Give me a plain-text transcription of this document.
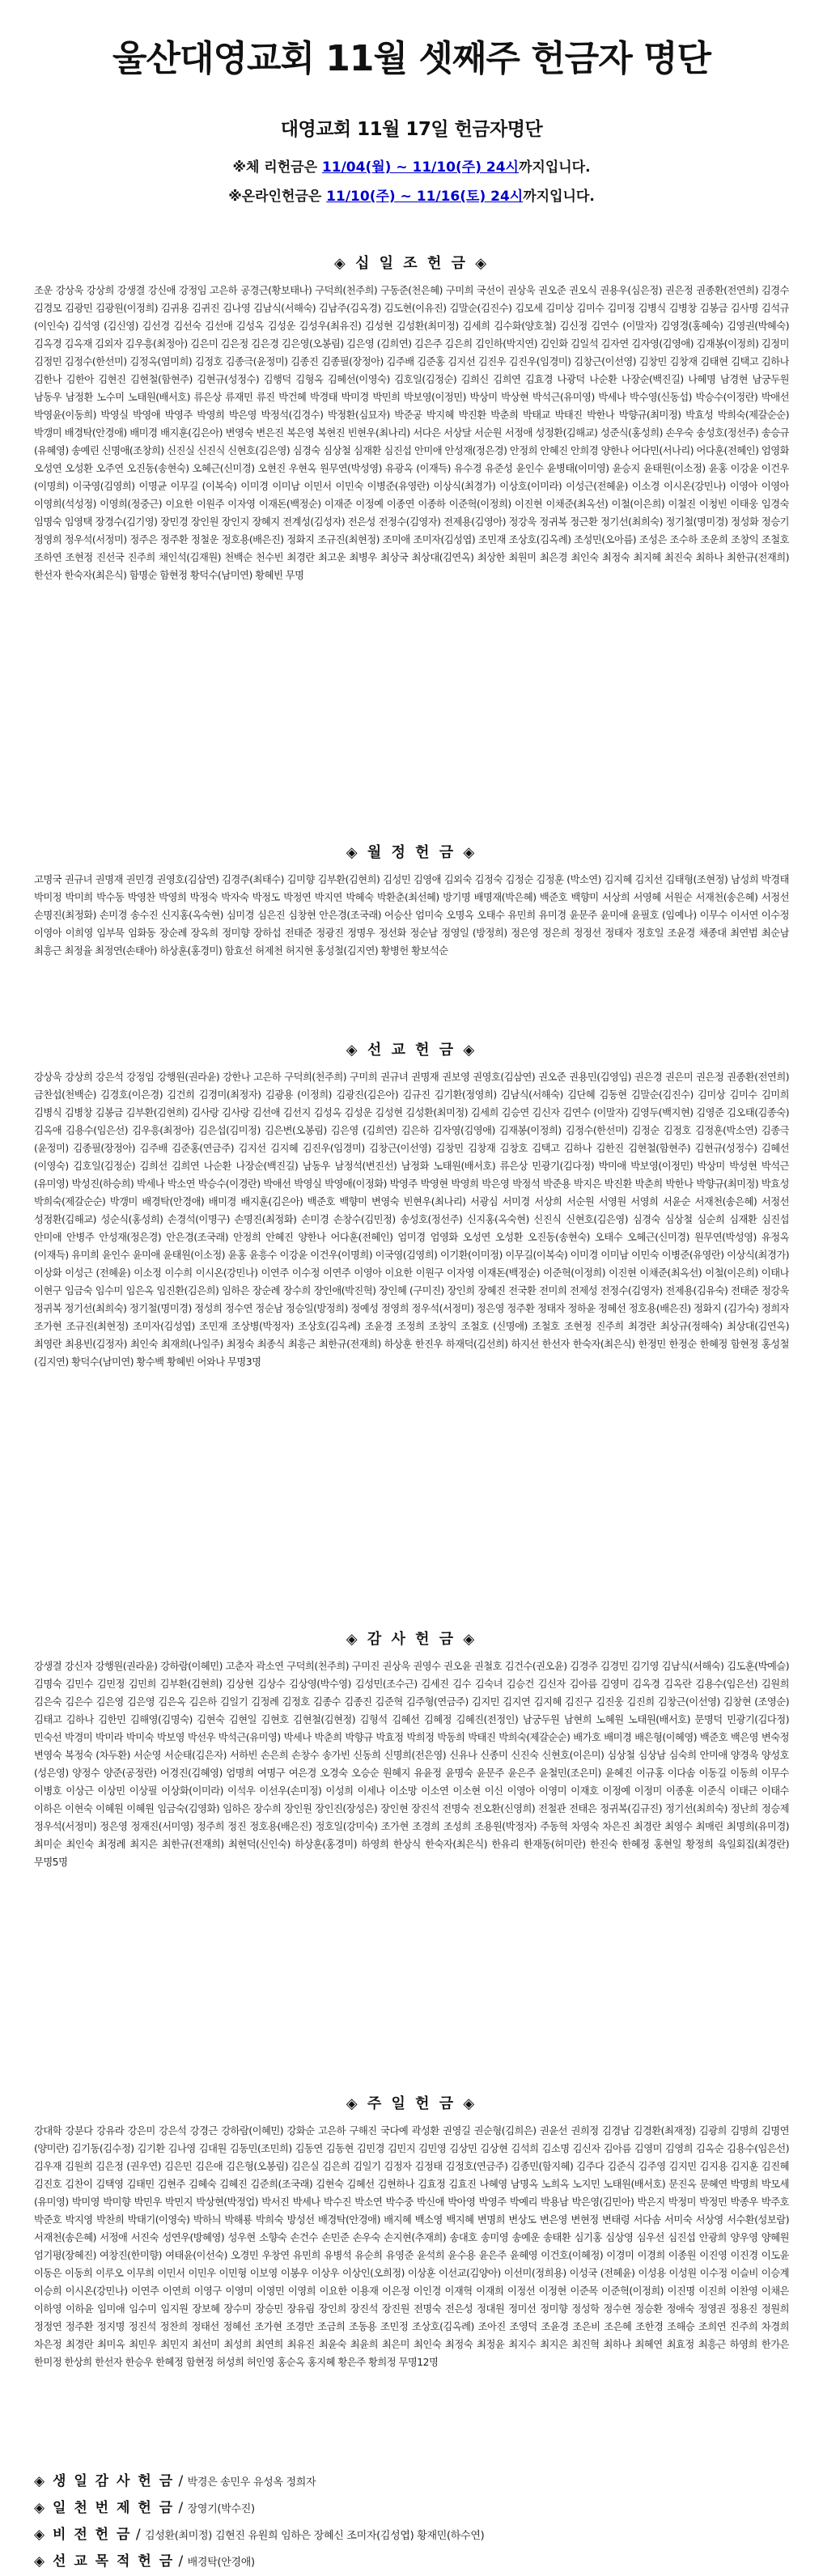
울산대영교회 11월 셋째주 헌금자 명단
대영교회 11월 17일 헌금자명단
※체 리헌금은 11/04(월) ~ 11/10(주) 24시까지입니다.
※온라인헌금은 11/10(주) ~ 11/16(토) 24시까지입니다.
◈ 십 일 조 헌 금 ◈
조운 강상욱 강상희 강생결 강신애 강정임 고은하 공경근(황보태나) 구덕희(천주희) 구동준(천은혜) 구미희 국선이 권상욱 권오준 권오식 권용우(심은정) 권은정 권종환(전연희) 김경수 김경모 김광민 김광원(이정희) 김귀용 김귀진 김나영 김남식(서해숙) 김남주(김옥경) 김도현(이유진) 김말순(김진수) 김모세 김미상 김미수 김미정 김병식 김병창 김봉금 김사명 김석규(이인숙) 김석영 (김신영) 김선경 김선숙 김선애 김성옥 김성운 김성우(최유진) 김성현 김성환(최미정) 김세희 김수화(양호철) 김신정 김연수 (이말자) 김영경(홍혜숙) 김영권(박혜숙) 김옥경 김옥재 김외자 김우흥(최정아) 김은미 김은정 김은경 김은영(오봉림) 김은영 (김희연) 김은주 김은희 김인하(박지연) 김인화 김일석 김자연 김자영(김영애) 김재봉(이정희) 김정미 김정민 김정수(한선미) 김정옥(염미희) 김정호 김종극(윤정미) 김종진 김종필(장정아) 김주배 김준홍 김지선 김진우 김진우(임경미) 김창근(이선영) 김창민 김창재 김태현 김택고 김하나 김한나 김한아 김현진 김현철(함현주) 김현규(성정수) 김행덕 김형옥 김혜선(이영숙) 김호일(김정순) 김희신 김희연 김효경 나광덕 나순환 나장순(백진길) 나혜명 남경현 남궁두원 남동우 남정환 노수미 노태원(배서호) 류은상 류재민 류진 박건혜 박경태 박미경 박민희 박보영(이정민) 박상미 박상현 박석근(유미영) 박세나 박수영(신동섭) 박승수(이정란) 박애선 박영윤(이동희) 박영실 박영애 박영주 박영희 박은영 박정석(김경수) 박정환(심묘자) 박준공 박지혜 박진환 박춘희 박태교 박태진 박한나 박향규(최미정) 박효성 박희숙(제갈순순) 박갱미 배경탁(안경애) 배미경 배지훈(김은아) 변영숙 변은진 복은영 복현진 빈현우(최나리) 서다은 서상달 서순원 서정애 성정환(김해교) 성준식(홍성희) 손우숙 송성호(정선주) 송승규(유혜영) 송예린 신명애(조창희) 신진실 신진식 신현호(김은영) 심경숙 심상철 심재환 심진섭 안미애 안성재(정은경) 안정희 안혜진 안희경 양한나 어다민(서나리) 어다훈(전혜인) 엄영화 오성연 오성환 오주연 오진동(송현숙) 오혜근(신미경) 오현진 우현옥 원무연(박성영) 유광옥 (이재득) 유수경 유준성 윤인수 윤병태(이미영) 윤승지 윤태원(이소정) 윤홍 이강윤 이건우(이명희) 이국영(김영희) 이명균 이무길 (이복숙) 이미경 이미남 이민서 이민숙 이병준(유영란) 이상식(최경가) 이상호(이미라) 이성근(전혜윤) 이소경 이시온(강민나) 이영아 이영아 이영희(석성정) 이영희(정중근) 이요한 이원주 이자영 이재돈(백정순) 이재준 이정예 이종연 이종하 이준혁(이정희) 이진현 이채준(최옥선) 이철(이은희) 이철진 이청빈 이태웅 임경숙 임명숙 임영택 장경수(김기영) 장민경 장인원 장인지 장혜지 전계성(김성자) 전은성 전정수(김영자) 전제용(김영아) 정강욱 정귀복 정근환 정기선(최희숙) 정기철(명미경) 정성화 정승기 정영희 정우석(서정미) 정주은 정주환 정철운 정호용(배은진) 정화지 조규진(최현정) 조미애 조미자(김성엽) 조민재 조상호(김옥례) 조성민(오아름) 조성은 조수하 조운희 조창익 조철호 조하연 조현정 진선국 진주희 채인석(김재원) 천백순 천수빈 최경란 최고운 최병우 최상국 최상대(김연옥) 최상한 최원미 최은경 최인숙 최정숙 최지혜 최진숙 최하나 최한규(전재희) 한선자 한숙자(최은식) 함명순 함현정 황덕수(남미연) 황혜빈 무명
◈ 월 정 헌 금 ◈
고명국 권규녀 권명재 권민경 권영호(김삼연) 김경주(최태수) 김미향 김부환(김현희) 김성민 김영애 김외숙 김정숙 김정순 김정훈 (박소연) 김지혜 김치선 김태형(조현정) 남성희 박경태 박미정 박미희 박수동 박영찬 박영희 박정숙 박자숙 박정도 박정연 박지연 박혜숙 박환춘(최선혜) 방기명 배명재(박은혜) 백준호 백향미 서상희 서영혜 서원순 서재천(송은혜) 서정선 손명진(최정화) 손미경 송수진 신지홍(옥숙현) 심미경 심은진 심창현 안은경(조국래) 어승산 엄미숙 오명옥 오태수 유민희 유미경 윤문주 윤미애 윤필호 (임예나) 이무수 이서연 이수정 이영아 이희영 임부묵 임화동 장순례 장옥희 정미향 장하섭 전태준 정광진 정명우 정선화 정순남 정영일 (방정희) 정은영 정은희 정정선 정태자 정호일 조윤경 채종대 최연범 최순남 최흥근 최정율 최정연(손태아) 하상훈(홍경미) 함효선 허제천 허지현 홍성철(김지연) 황병헌 황보석순
◈ 선 교 헌 금 ◈
강상욱 강상희 강은석 강정임 강행원(권라윤) 강한나 고은하 구덕희(천주희) 구미희 권규녀 권명재 권보영 권영호(김삼연) 권오준 권용민(김영임) 권은경 권은미 권은정 권종환(전연희) 금찬섭(천백순) 김경호(이은경) 김건희 김경미(최정자) 김광용 (이정희) 김광진(김은아) 김규진 김기환(정영희) 김남식(서해숙) 김단혜 김동현 김말순(김진수) 김미상 김미수 김미희 김병식 김병창 김봉금 김부환(김현희) 김사랑 김사랑 김선애 김선지 김성옥 김성운 김성현 김성환(최미정) 김세희 김승연 김신자 김연수 (이말자) 김영두(백지현) 김영준 김오태(김종숙) 김옥애 김용수(임은선) 김우흥(최정아) 김은섭(김미정) 김은변(오봉림) 김은영 (김희연) 김은하 김자영(김영애) 김재봉(이정희) 김정수(한선미) 김정순 김정호 김정훈(박소연) 김종극(윤정미) 김종필(장정아) 김주배 김준홍(연금주) 김지선 김지혜 김진우(임경미) 김창근(이선영) 김창민 김창재 김창호 김택고 김하나 김한진 김현철(함현주) 김현규(성정수) 김혜선(이영숙) 김호일(김정순) 김희선 김희연 나순환 나장순(백진길) 남동우 남정석(변진선) 남정화 노태원(배서호) 류은상 민광기(김다정) 박미애 박보영(이정민) 박상미 박성현 박석근(유미영) 박성진(하승희) 박세나 박소연 박승수(이경란) 박애선 박영실 박영애(이정화) 박영주 박영현 박영희 박은영 박정석 박준용 박지은 박진환 박춘희 박한나 박향규(최미정) 박효성 박희숙(제갈순순) 박갱미 배경탁(안경애) 배미경 배지훈(김은아) 백준호 백향미 변영숙 빈현우(최나리) 서광심 서미경 서상희 서순원 서영원 서영희 서윤순 서재천(송은혜) 서정선 성정환(김해교) 성순식(홍성희) 손경석(이명구) 손명진(최정화) 손미경 손창수(김민정) 송성호(정선주) 신지홍(옥숙현) 신진식 신현호(김은영) 심경숙 심상철 심순희 심재환 심진섭 안미애 안병주 안성재(정은경) 안은경(조국래) 안정희 안혜진 양한나 어다훈(전혜인) 엄미경 엄영화 오성연 오성환 오진동(송현숙) 오태수 오혜근(신미경) 원무연(박성영) 유정옥(이재득) 유미희 윤인수 윤미애 윤태원(이소정) 윤홍 윤흥수 이강윤 이건우(이명희) 이국영(김영희) 이기환(이미정) 이무길(이복숙) 이미경 이미남 이민숙 이병준(유영란) 이상식(최경가) 이상화 이성근 (전혜윤) 이소정 이수희 이시온(강민나) 이연주 이수정 이연주 이영아 이요한 이원구 이자영 이재돈(백정순) 이준혁(이정희) 이진현 이채준(최옥선) 이철(이은희) 이태나 이현구 임금숙 임수미 임은옥 임진환(김은희) 임하은 장순례 장수희 장인애(박진혁) 장인혜 (구미진) 장인희 장혜진 전국환 전미희 전제성 전정수(김영자) 전제용(김유숙) 전태준 정강욱 정귀복 정기선(최희숙) 정기철(명미경) 정성희 정수연 정순남 정승일(방정희) 정예성 정영희 정우석(서정미) 정은영 정주환 정태자 정하윤 정혜선 정호용(배은진) 정화지 (김가숙) 정희자 조가현 조규진(최현정) 조미자(김성엽) 조민재 조상병(박정자) 조상호(김옥례) 조윤경 조정희 조창익 조철호 (신명애) 조철호 조현정 진주희 최경란 최상규(정해숙) 최상대(김연옥) 최영란 최용빈(김정자) 최인숙 최재희(나일주) 최정숙 최종식 최흥근 최한규(전재희) 하상훈 한진우 하재덕(김선희) 하지선 한선자 한숙자(최은식) 한정민 한정순 한혜정 함현정 홍성철(김지연) 황덕수(남미연) 황수백 황혜빈 어와나 무명3명
◈ 감 사 헌 금 ◈
강생결 강신자 강행원(권라윤) 강하람(이혜민) 고춘자 곽소연 구덕희(천주희) 구미진 권상욱 권영수 권오윤 권철호 김건수(권오윤) 김경주 김경민 김기영 김남식(서해숙) 김도훈(박예슬) 김명숙 김민수 김민정 김민희 김부환(김현희) 김상현 김상수 김상영(박수영) 김성민(조수근) 김세진 김수 김숙녀 김승건 김신자 김아름 김영미 김옥경 김옥란 김용수(임은선) 김원희 김은숙 김은수 김은영 김은영 김은옥 김은하 김일기 김정례 김정호 김종수 김종진 김준혁 김주형(연금주) 김지민 김지연 김지혜 김진구 김진웅 김진희 김창근(이선영) 김창현 (조영순) 김태고 김하나 김한민 김해영(김명숙) 김현숙 김현일 김현호 김현철(김현정) 김형석 김혜선 김혜정 김혜진(전정인) 남궁두원 남현희 노혜원 노태원(배서호) 문명덕 민광기(김다정) 민숙선 박경미 박미라 박미숙 박보영 박선우 박석근(유미영) 박세나 박춘희 박향규 박효정 박희정 박동희 박태진 박희숙(제갈순순) 배가호 배미경 배은형(이혜영) 백준호 백은영 변숙정 변영숙 복정숙 (차두환) 서순영 서순태(김은자) 서하빈 손은희 손창수 송가빈 신동희 신명희(전은영) 신유나 신종미 신진숙 신현호(이은미) 심상철 심상남 심숙희 안미애 양경욱 양성호(성은영) 양정수 양준(공정란) 어경진(김혜영) 엄명희 여명구 여은경 오경숙 오승순 원혜지 유윤정 윤명숙 윤문주 윤은주 윤철민(조은미) 윤혜진 이규홍 이다솜 이동길 이동희 이무수 이병호 이상근 이상민 이상필 이상화(이미라) 이석우 이선우(손미정) 이성희 이세나 이소망 이소연 이소현 이신 이영아 이영미 이재호 이정예 이정미 이종훈 이준식 이태근 이태수 이하은 이현숙 이혜원 이혜원 임금숙(김영화) 임하은 장수희 장인원 장인진(장성은) 장인현 장진석 전명숙 전오환(신영희) 전철관 전태은 정귀복(김규진) 정기선(최희숙) 정난희 정승제 정우석(서정미) 정은영 정재진(서미영) 정주희 정진 정호용(배은진) 정호일(강미숙) 조가현 조경희 조성희 조용원(박정자) 주동혁 차영숙 차은진 최경란 최영수 최매린 최명희(유미경) 최미순 최인숙 최정례 최지은 최한규(전재희) 최현덕(신인숙) 하상훈(홍경미) 하영희 한상식 한숙자(최은식) 한유리 한재동(허미란) 한진숙 한혜정 홍현일 황정희 육일회집(최경란) 무명5명
◈ 주 일 헌 금 ◈
강대학 강분다 강유라 강은미 강은석 강경근 강하람(이혜민) 강화순 고은하 구해진 국다예 곽성환 권영길 권순형(김희은) 권윤선 권희정 김경남 김경환(최재정) 김광희 김명희 김명연(양미란) 김기동(김수정) 김기환 김나영 김대원 김동민(조민희) 김동연 김동현 김민경 김민지 김민영 김상민 김상현 김석희 김소명 김신자 김아름 김영미 김영희 김옥순 김용수(임은선) 김우재 김원희 김은정 (권우연) 김은민 김은애 김은형(오봉림) 김은실 김은희 김일기 김정자 김정태 김정호(연금주) 김종민(함지혜) 김주다 김준식 김주영 김지민 김지용 김지훈 김진혜 김진호 김찬이 김택영 김태민 김현주 김혜숙 김혜진 김준희(조국래) 김현숙 김혜선 김현하나 김효정 김효진 나혜영 남명옥 노희옥 노지민 노태원(배서호) 문진옥 문혜연 박명희 박모세(유미영) 박미영 박미향 박민우 박민지 박상현(박정업) 박서진 박세나 박수진 박소연 박수중 박신애 박아영 박영주 박예리 박용남 박은영(김민아) 박은지 박정미 박정민 박종우 박주호 박준호 박지영 박찬희 박태기(이영숙) 박하늬 박해룡 박희숙 방성선 배경탁(안경애) 배지혜 백소영 백지혜 변명희 변상도 변은영 변현정 변태령 서다솜 서미숙 서상영 서수환(성보람) 서재천(송은혜) 서정애 서진숙 성연우(방혜영) 성우현 소향숙 손건수 손민준 손우숙 손지현(추재희) 송대호 송미영 송예운 송태환 심기홍 심상영 심우선 심진섭 안광희 양우영 양혜원 엄기평(장혜진) 여창진(한미향) 여태윤(이선숙) 오경민 우창연 유민희 유병석 유순희 유영준 윤석희 윤수용 윤은주 윤혜영 이건호(이혜정) 이경미 이경희 이종원 이진영 이진경 이도윤 이동은 이동희 이루오 이무희 이민서 이민우 이민형 이보영 이봉우 이상우 이상인(오희정) 이상훈 이선교(김양아) 이선미(정희용) 이성국 (전혜윤) 이성용 이성원 이수정 이슬비 이승계 이승희 이시온(강민나) 이연주 이연희 이영구 이영미 이영민 이영희 이요한 이용재 이은정 이인경 이재혁 이재희 이정선 이정현 이준목 이준혁(이정희) 이진명 이진희 이찬영 이채은 이하영 이하윤 임미애 임수미 임지원 장보혜 장수미 장승민 장유림 장인희 장진석 장진원 전명숙 전은성 정대원 정미선 정미향 정성학 정수현 정승환 정애숙 정영권 정용진 정원희 정정연 정주환 정지명 정진석 정찬희 정태선 정혜선 조가현 조경만 조금희 조동용 조민정 조상호(김옥례) 조아진 조영덕 조윤경 조은비 조은혜 조한경 조해승 조희연 진주희 차경희 차은정 최경란 최미옥 최민우 최민지 최선미 최성희 최연희 최유진 최윤숙 최윤희 최은미 최인숙 최정숙 최정윤 최지수 최지은 최진혁 최하나 최혜연 최효정 최흥근 하영희 한가은 한미정 한상희 한선자 한승우 한혜정 함현정 허성희 허인영 홍순옥 홍지혜 황은주 황희정 무명12명
◈ 생 일 감 사 헌 금 / 박경은 송민우 유성옥 정희자
◈ 일 천 번 제 헌 금 / 장영기(박수진)
◈ 비 전 헌 금 / 김성환(최미정) 김현진 유원희 임하은 장혜신 조미자(김성엽) 황재민(하수연)
◈ 선 교 목 적 헌 금 / 배경탁(안경애)
